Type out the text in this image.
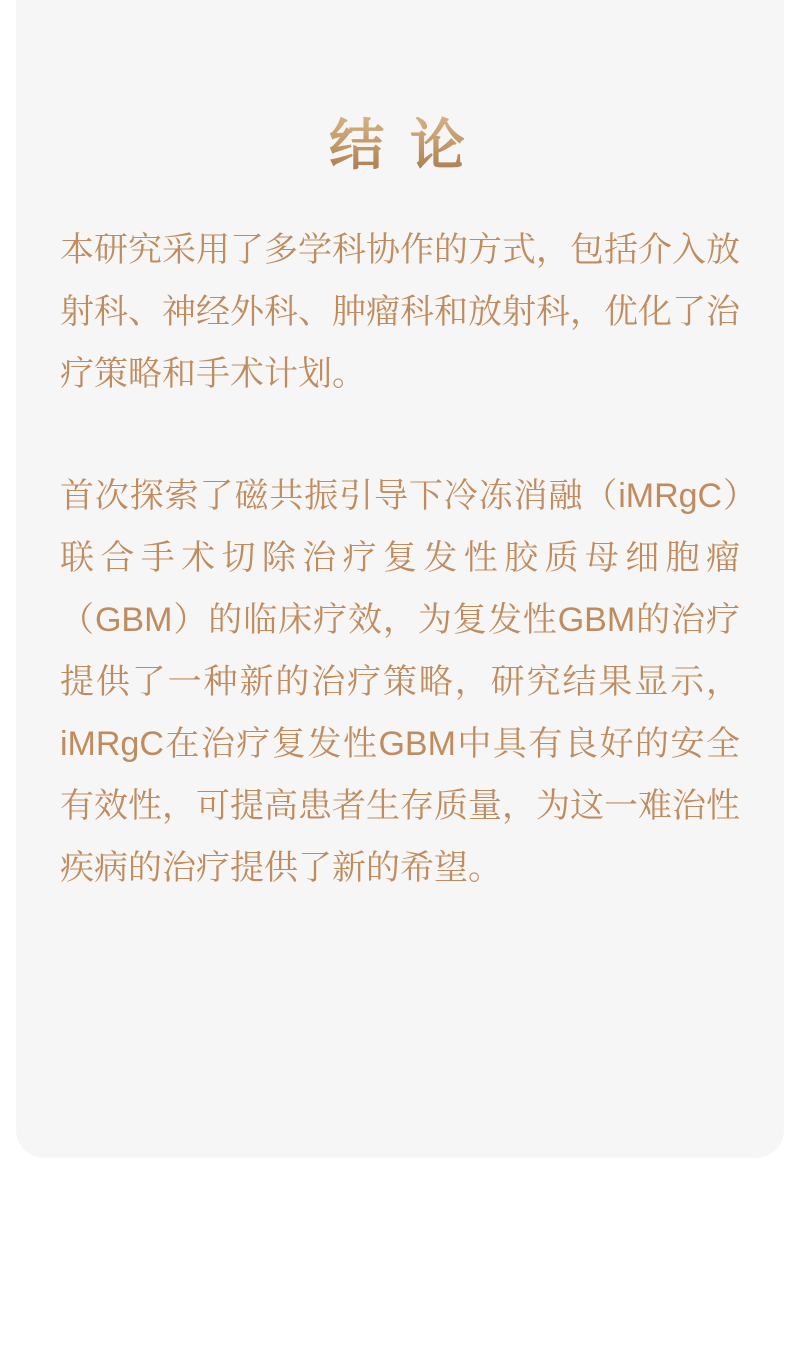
结 论

本研究采用了多学科协作的方式，包括介入放射科、神经外科、肿瘤科和放射科，优化了治疗策略和手术计划。

首次探索了磁共振引导下冷冻消融（iMRgC）联合手术切除治疗复发性胶质母细胞瘤（GBM）的临床疗效，为复发性GBM的治疗提供了一种新的治疗策略，研究结果显示，iMRgC在治疗复发性GBM中具有良好的安全有效性，可提高患者生存质量，为这一难治性疾病的治疗提供了新的希望。
